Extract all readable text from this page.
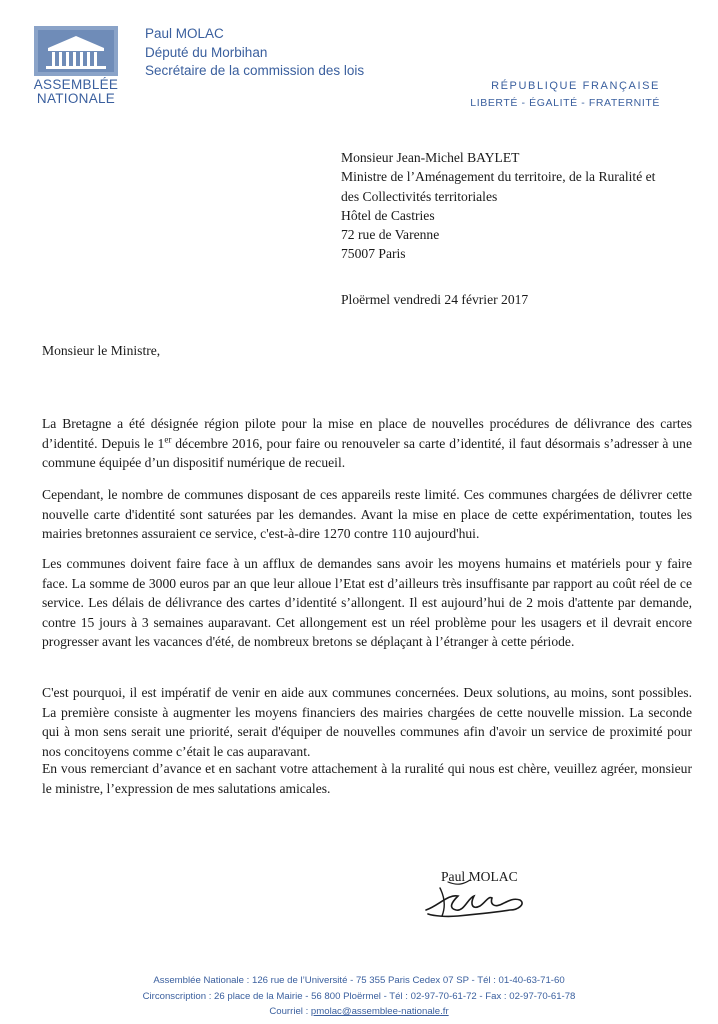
ASSEMBLÉE
NATIONALE
Paul MOLAC
Député du Morbihan
Secrétaire de la commission des lois
RÉPUBLIQUE FRANÇAISE
LIBERTÉ - ÉGALITÉ - FRATERNITÉ
Monsieur Jean-Michel BAYLET
Ministre de l’Aménagement du territoire, de la Ruralité et
des Collectivités territoriales
Hôtel de Castries
72 rue de Varenne
75007 Paris
Ploërmel vendredi 24 février 2017
Monsieur le Ministre,

La Bretagne a été désignée région pilote pour la mise en place de nouvelles procédures de délivrance des cartes d’identité. Depuis le 1er décembre 2016, pour faire ou renouveler sa carte d’identité, il faut désormais s’adresser à une commune équipée d’un dispositif numérique de recueil.

Cependant, le nombre de communes disposant de ces appareils reste limité. Ces communes chargées de délivrer cette nouvelle carte d'identité sont saturées par les demandes. Avant la mise en place de cette expérimentation, toutes les mairies bretonnes assuraient ce service, c'est-à-dire 1270 contre 110 aujourd'hui.

Les communes doivent faire face à un afflux de demandes sans avoir les moyens humains et matériels pour y faire face. La somme de 3000 euros par an que leur alloue l’Etat est d’ailleurs très insuffisante par rapport au coût réel de ce service. Les délais de délivrance des cartes d’identité s’allongent. Il est aujourd’hui de 2 mois d'attente par demande, contre 15 jours à 3 semaines auparavant. Cet allongement est un réel problème pour les usagers et il devrait encore progresser avant les vacances d'été, de nombreux bretons se déplaçant à l’étranger à cette période.

C'est pourquoi, il est impératif de venir en aide aux communes concernées. Deux solutions, au moins, sont possibles. La première consiste à augmenter les moyens financiers des mairies chargées de cette nouvelle mission. La seconde qui à mon sens serait une priorité, serait d'équiper de nouvelles communes afin d'avoir un service de proximité pour nos concitoyens comme c’était le cas auparavant.

En vous remerciant d’avance et en sachant votre attachement à la ruralité qui nous est chère, veuillez agréer, monsieur le ministre, l’expression de mes salutations amicales.

Paul MOLAC
Assemblée Nationale : 126 rue de l’Université - 75 355 Paris Cedex 07 SP - Tél : 01-40-63-71-60
Circonscription : 26 place de la Mairie - 56 800 Ploërmel - Tél : 02-97-70-61-72 - Fax : 02-97-70-61-78
Courriel : pmolac@assemblee-nationale.fr
